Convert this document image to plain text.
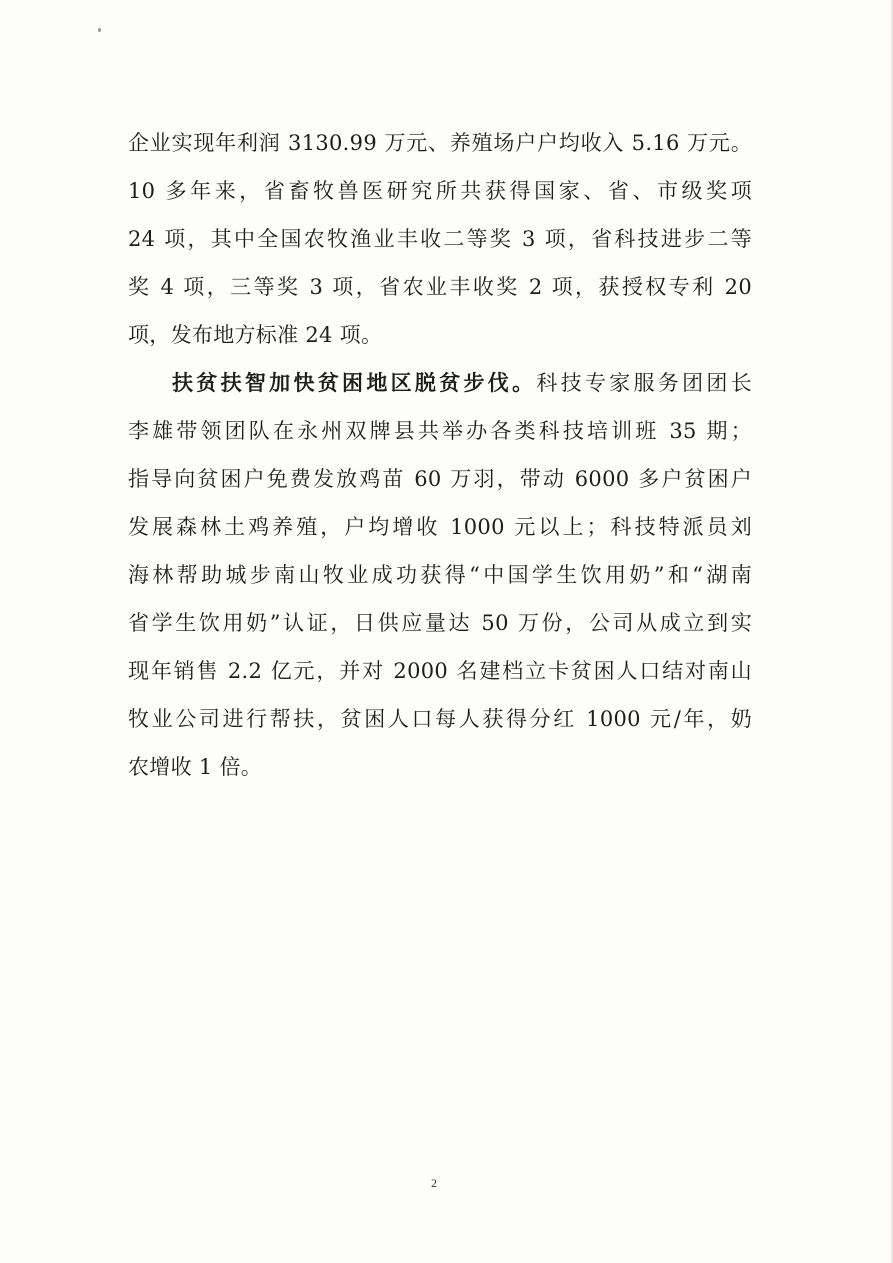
企业实现年利润 3130.99 万元、养殖场户户均收入 5.16 万元。
10 多年来，省畜牧兽医研究所共获得国家、省、市级奖项
24 项，其中全国农牧渔业丰收二等奖 3 项，省科技进步二等
奖 4 项，三等奖 3 项，省农业丰收奖 2 项，获授权专利 20
项，发布地方标准 24 项。
扶贫扶智加快贫困地区脱贫步伐。科技专家服务团团长
李雄带领团队在永州双牌县共举办各类科技培训班 35 期；
指导向贫困户免费发放鸡苗 60 万羽，带动 6000 多户贫困户
发展森林土鸡养殖，户均增收 1000 元以上；科技特派员刘
海林帮助城步南山牧业成功获得“中国学生饮用奶”和“湖南
省学生饮用奶”认证，日供应量达 50 万份，公司从成立到实
现年销售 2.2 亿元，并对 2000 名建档立卡贫困人口结对南山
牧业公司进行帮扶，贫困人口每人获得分红 1000 元/年，奶
农增收 1 倍。
2
